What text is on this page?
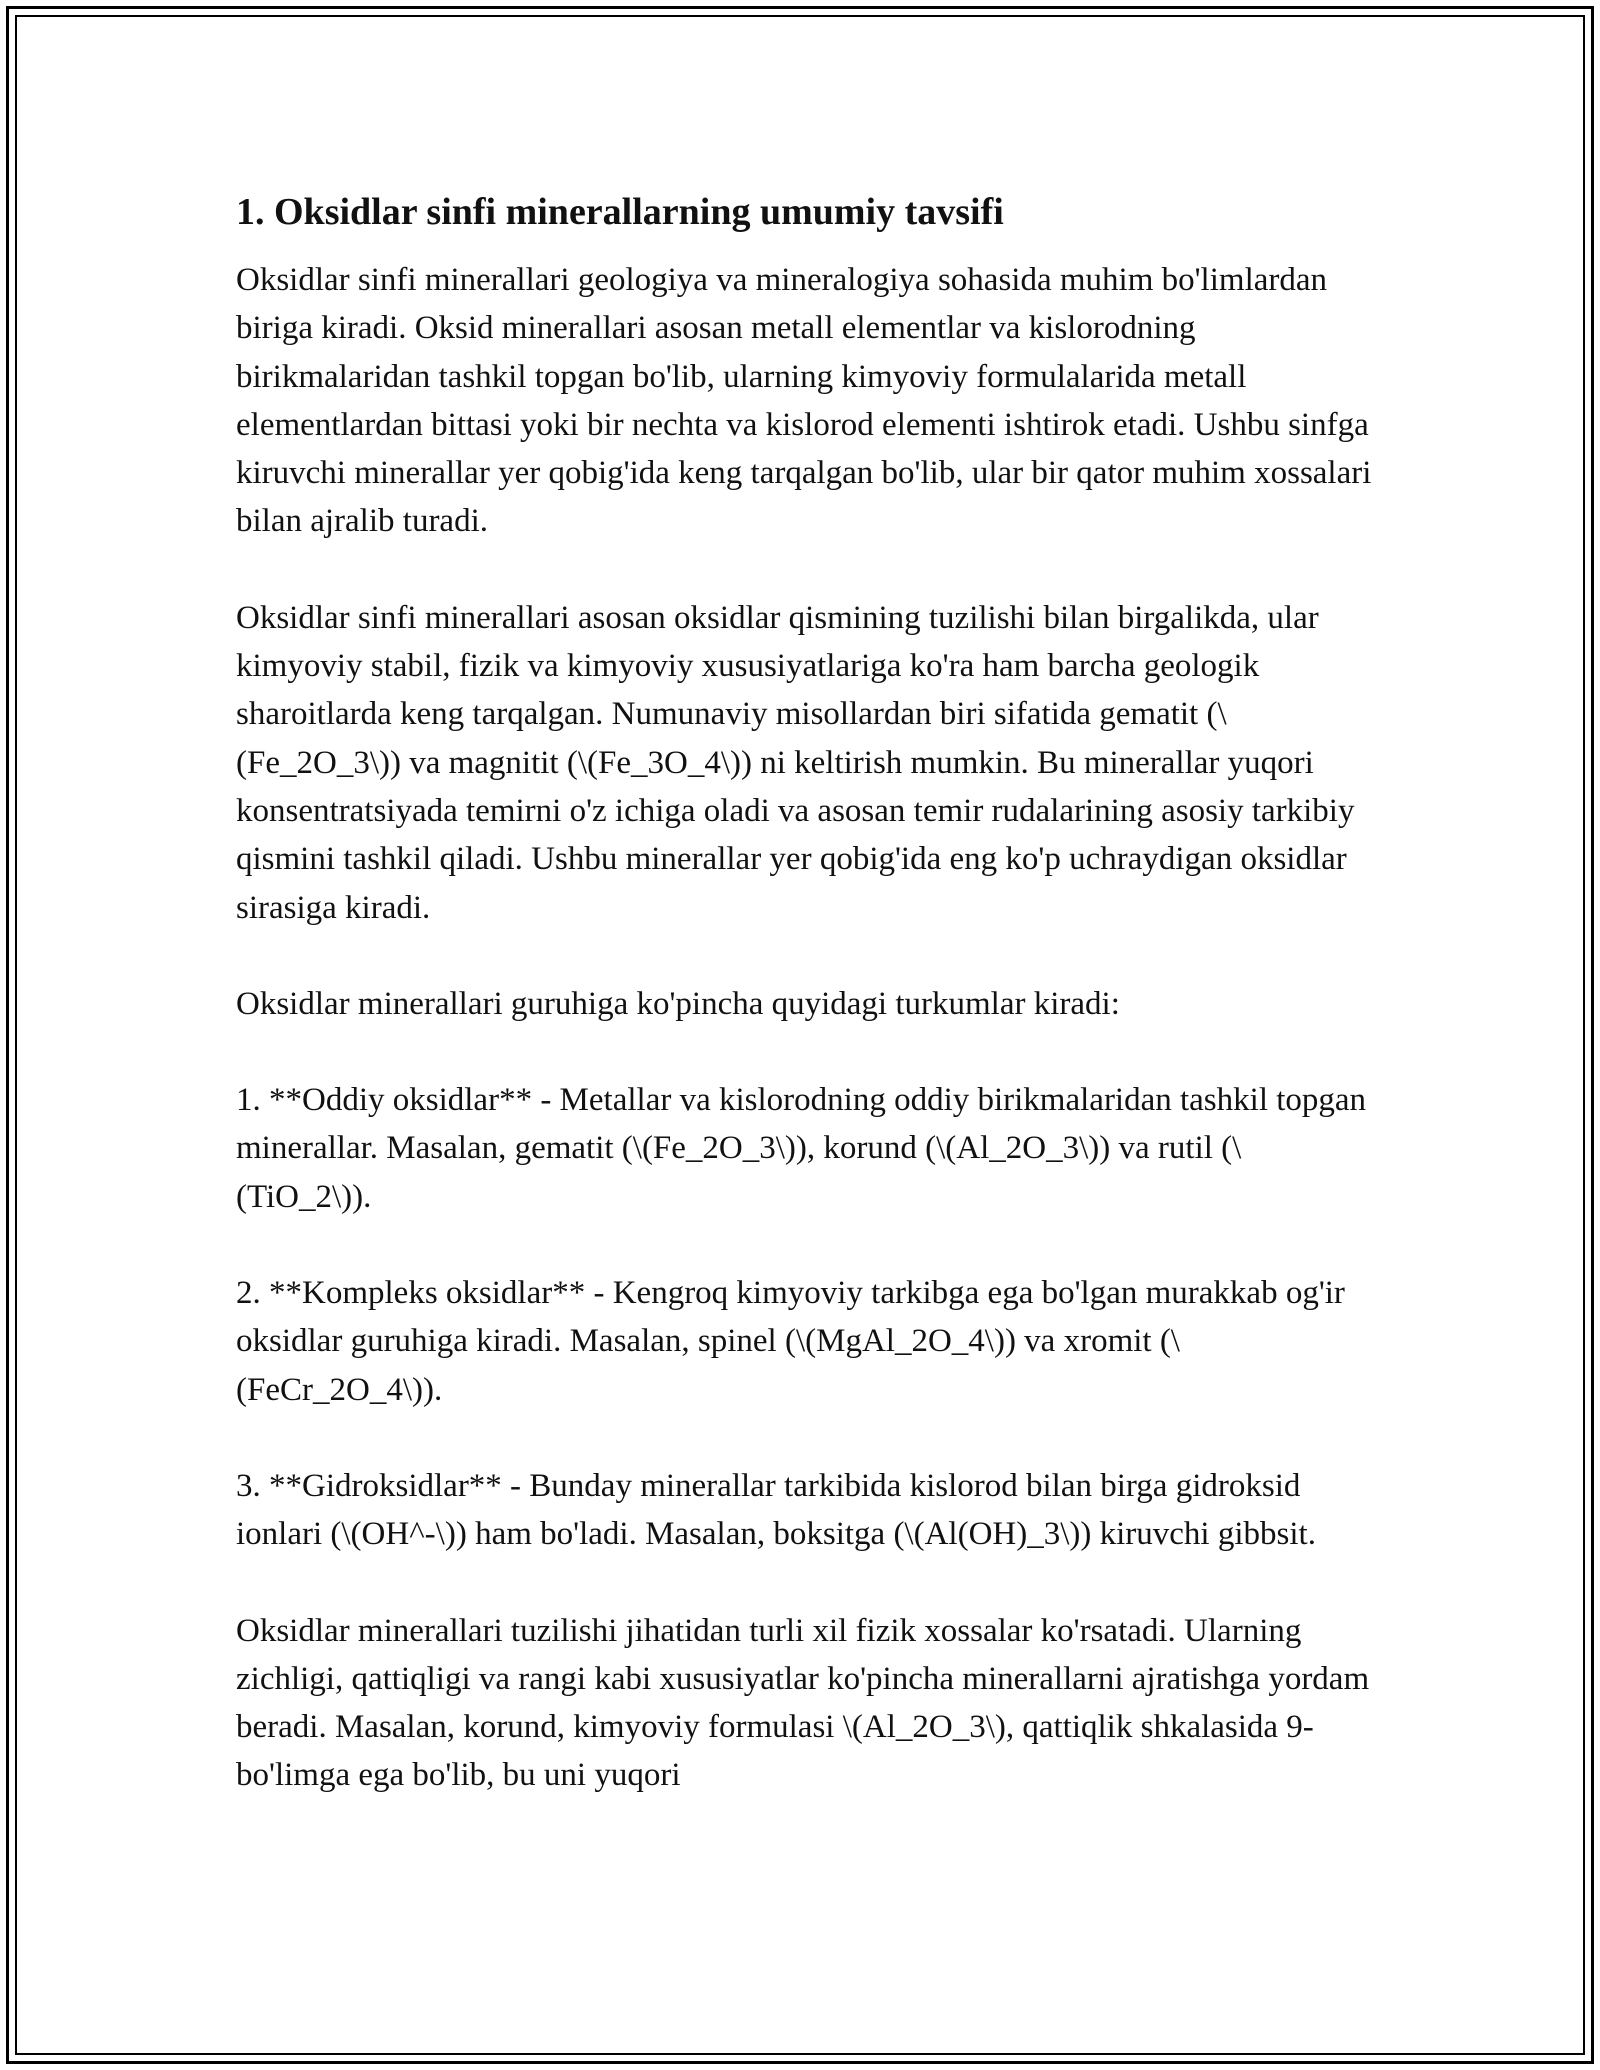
1. Oksidlar sinfi minerallarning umumiy tavsifi

Oksidlar sinfi minerallari geologiya va mineralogiya sohasida muhim bo'limlardan biriga kiradi. Oksid minerallari asosan metall elementlar va kislorodning birikmalaridan tashkil topgan bo'lib, ularning kimyoviy formulalarida metall elementlardan bittasi yoki bir nechta va kislorod elementi ishtirok etadi. Ushbu sinfga kiruvchi minerallar yer qobig'ida keng tarqalgan bo'lib, ular bir qator muhim xossalari bilan ajralib turadi.

Oksidlar sinfi minerallari asosan oksidlar qismining tuzilishi bilan birgalikda, ular kimyoviy stabil, fizik va kimyoviy xususiyatlariga ko'ra ham barcha geologik sharoitlarda keng tarqalgan. Numunaviy misollardan biri sifatida gematit (\(Fe_2O_3\)) va magnitit (\(Fe_3O_4\)) ni keltirish mumkin. Bu minerallar yuqori konsentratsiyada temirni o'z ichiga oladi va asosan temir rudalarining asosiy tarkibiy qismini tashkil qiladi. Ushbu minerallar yer qobig'ida eng ko'p uchraydigan oksidlar sirasiga kiradi.

Oksidlar minerallari guruhiga ko'pincha quyidagi turkumlar kiradi:

1. **Oddiy oksidlar** - Metallar va kislorodning oddiy birikmalaridan tashkil topgan minerallar. Masalan, gematit (\(Fe_2O_3\)), korund (\(Al_2O_3\)) va rutil (\(TiO_2\)).

2. **Kompleks oksidlar** - Kengroq kimyoviy tarkibga ega bo'lgan murakkab og'ir oksidlar guruhiga kiradi. Masalan, spinel (\(MgAl_2O_4\)) va xromit (\(FeCr_2O_4\)).

3. **Gidroksidlar** - Bunday minerallar tarkibida kislorod bilan birga gidroksid ionlari (\(OH^-\)) ham bo'ladi. Masalan, boksitga (\(Al(OH)_3\)) kiruvchi gibbsit.

Oksidlar minerallari tuzilishi jihatidan turli xil fizik xossalar ko'rsatadi. Ularning zichligi, qattiqligi va rangi kabi xususiyatlar ko'pincha minerallarni ajratishga yordam beradi. Masalan, korund, kimyoviy formulasi \(Al_2O_3\), qattiqlik shkalasida 9-bo'limga ega bo'lib, bu uni yuqori
